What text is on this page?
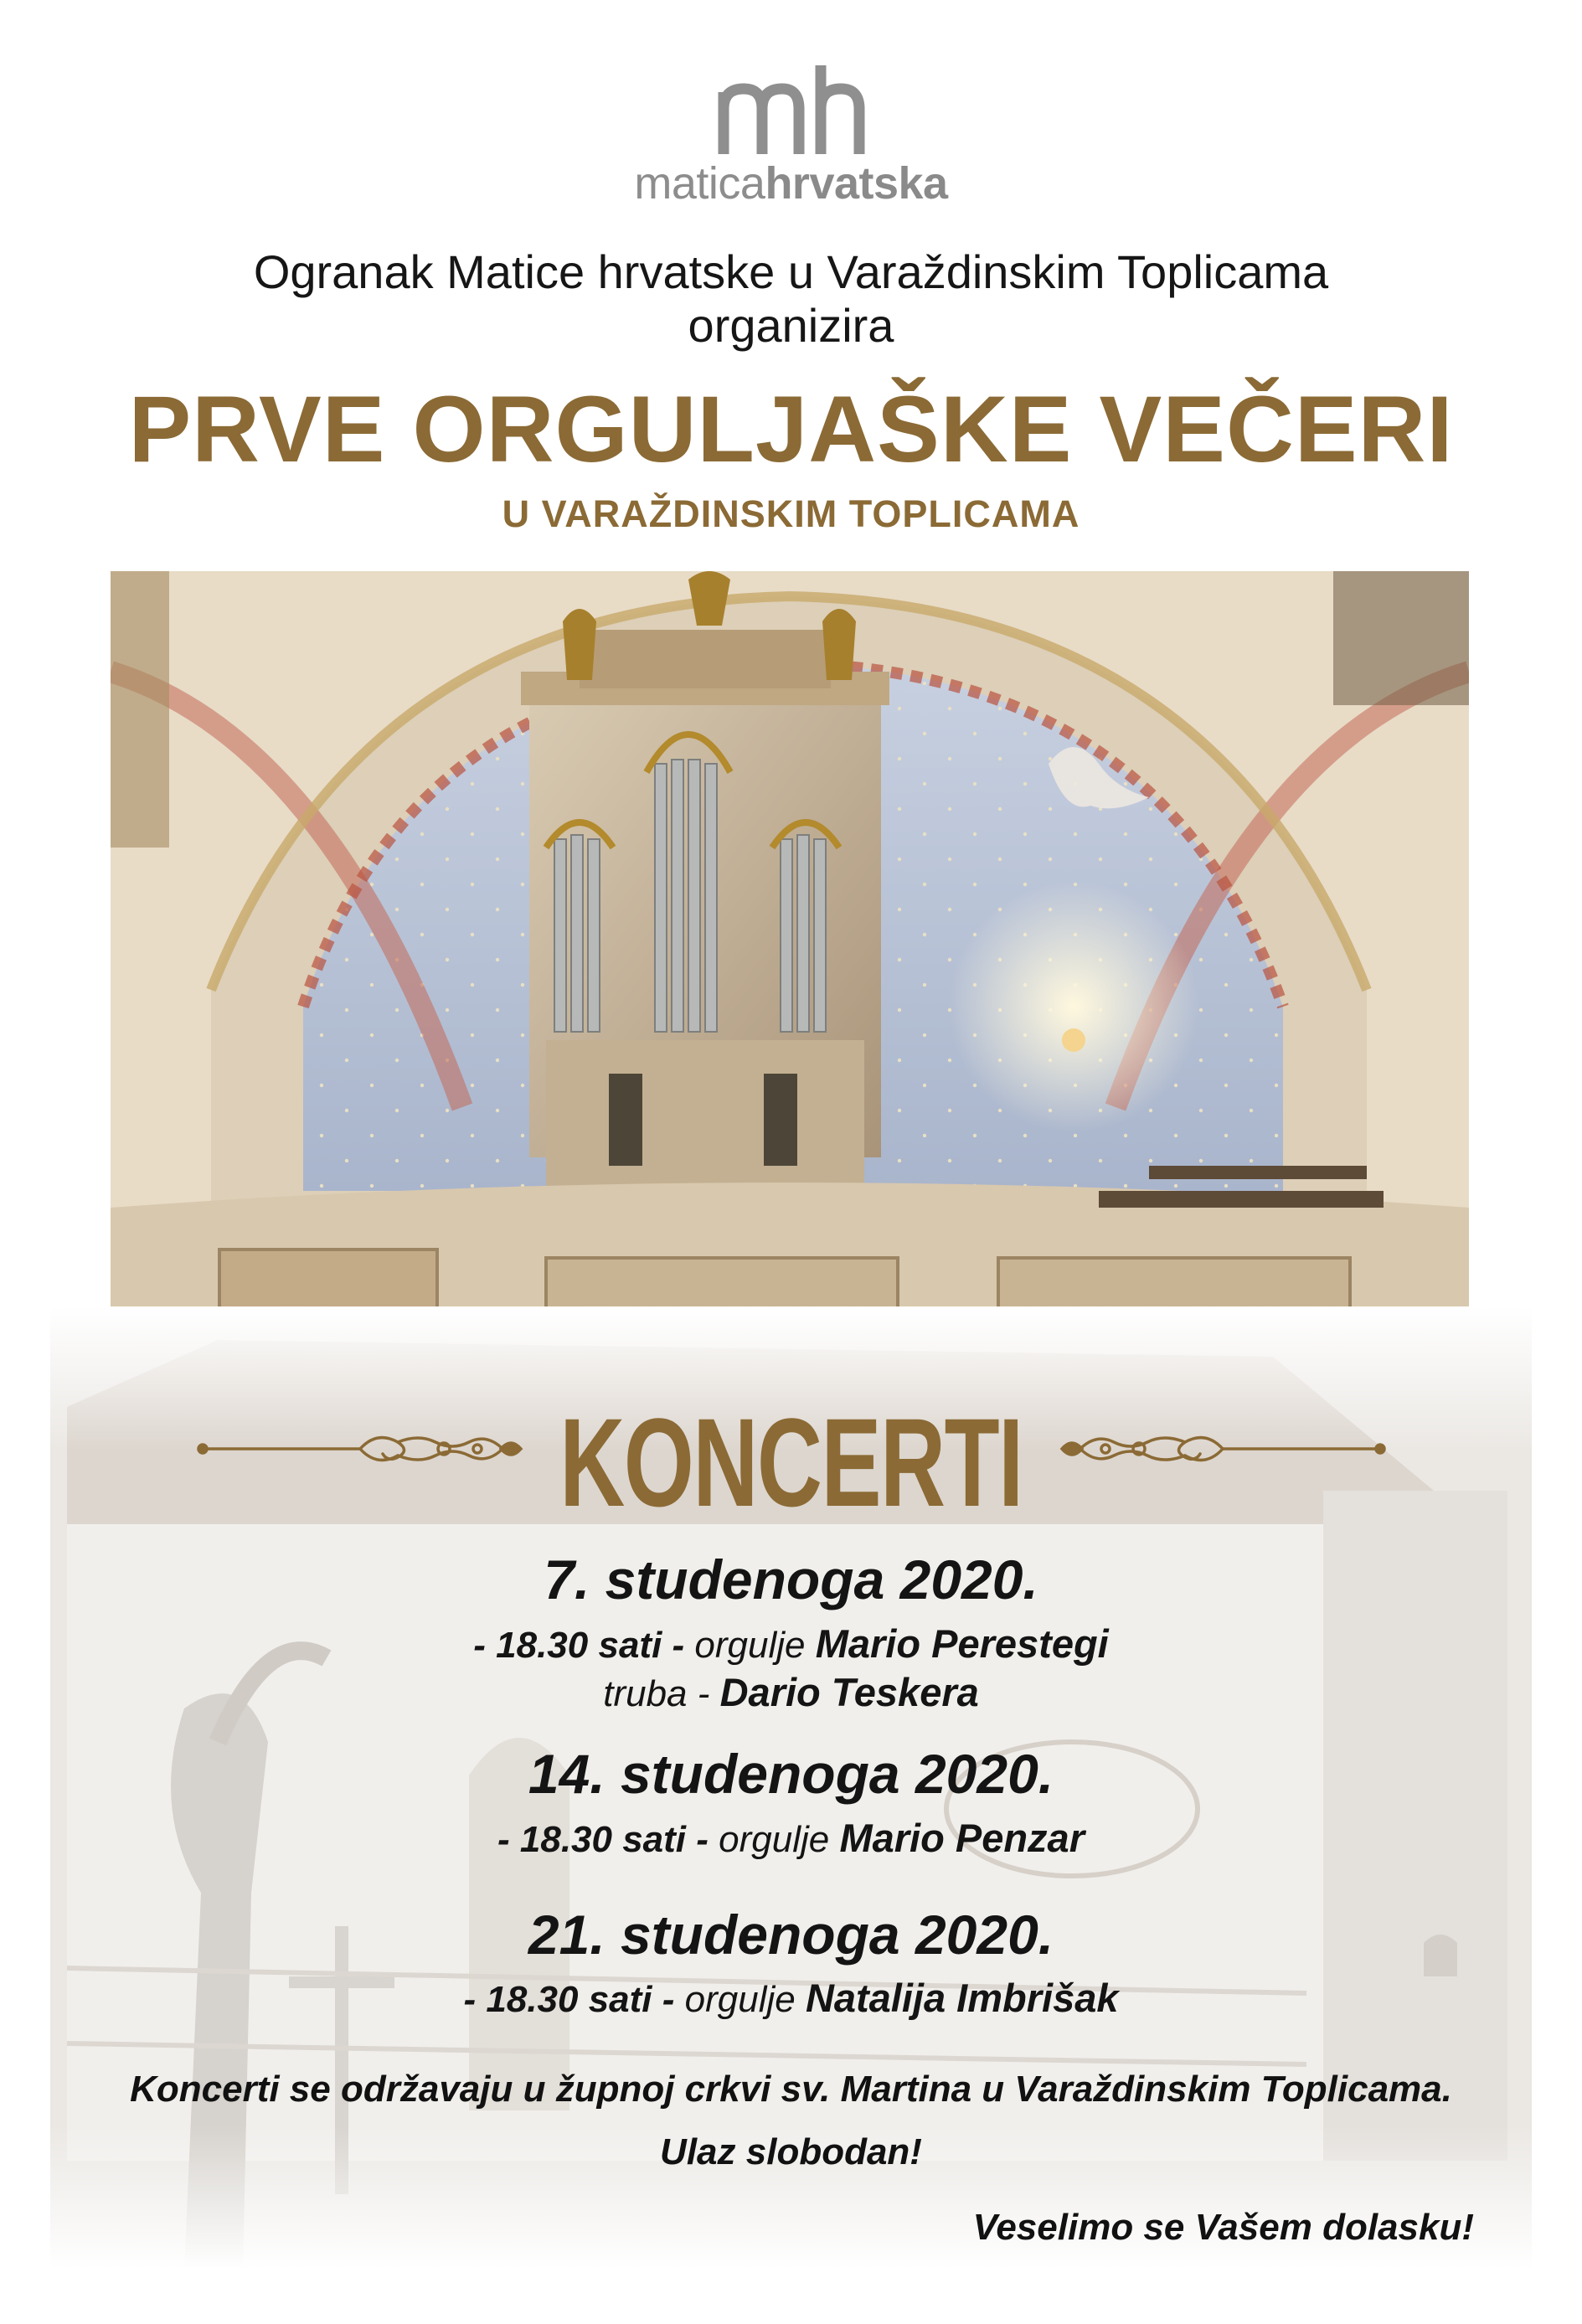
maticahrvatska
Ogranak Matice hrvatske u Varaždinskim Toplicama
organizira
PRVE ORGULJAŠKE VEČERI
U VARAŽDINSKIM TOPLICAMA
KONCERTI
7. studenoga 2020.
- 18.30 sati - orgulje Mario Perestegi
truba - Dario Teskera
14. studenoga 2020.
- 18.30 sati - orgulje Mario Penzar
21. studenoga 2020.
- 18.30 sati - orgulje Natalija Imbrišak
Koncerti se održavaju u župnoj crkvi sv. Martina u Varaždinskim Toplicama.
Ulaz slobodan!
Veselimo se Vašem dolasku!
